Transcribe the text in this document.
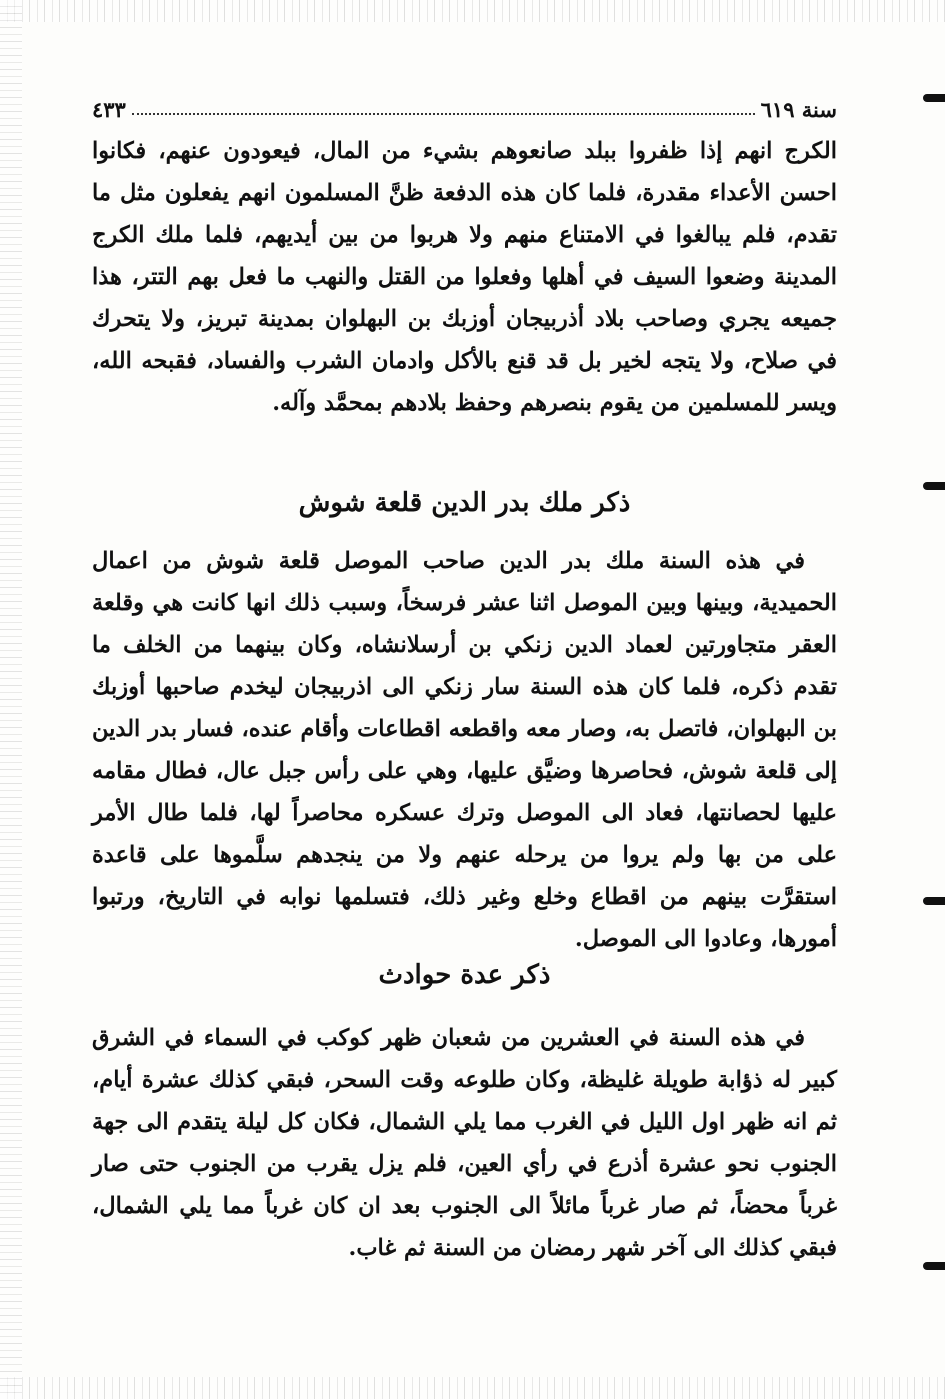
سنة ٦١٩
٤٣٣

الكرج انهم إذا ظفروا ببلد صانعوهم بشيء من المال، فيعودون عنهم، فكانوا احسن الأعداء مقدرة، فلما كان هذه الدفعة ظنَّ المسلمون انهم يفعلون مثل ما تقدم، فلم يبالغوا في الامتناع منهم ولا هربوا من بين أيديهم، فلما ملك الكرج المدينة وضعوا السيف في أهلها وفعلوا من القتل والنهب ما فعل بهم التتر، هذا جميعه يجري وصاحب بلاد أذربيجان أوزبك بن البهلوان بمدينة تبريز، ولا يتحرك في صلاح، ولا يتجه لخير بل قد قنع بالأكل وادمان الشرب والفساد، فقبحه الله، ويسر للمسلمين من يقوم بنصرهم وحفظ بلادهم بمحمَّد وآله.

ذكر ملك بدر الدين قلعة شوش

في هذه السنة ملك بدر الدين صاحب الموصل قلعة شوش من اعمال الحميدية، وبينها وبين الموصل اثنا عشر فرسخاً، وسبب ذلك انها كانت هي وقلعة العقر متجاورتين لعماد الدين زنكي بن أرسلانشاه، وكان بينهما من الخلف ما تقدم ذكره، فلما كان هذه السنة سار زنكي الى اذربيجان ليخدم صاحبها أوزبك بن البهلوان، فاتصل به، وصار معه واقطعه اقطاعات وأقام عنده، فسار بدر الدين إلى قلعة شوش، فحاصرها وضيَّق عليها، وهي على رأس جبل عال، فطال مقامه عليها لحصانتها، فعاد الى الموصل وترك عسكره محاصراً لها، فلما طال الأمر على من بها ولم يروا من يرحله عنهم ولا من ينجدهم سلَّموها على قاعدة استقرَّت بينهم من اقطاع وخلع وغير ذلك، فتسلمها نوابه في التاريخ، ورتبوا أمورها، وعادوا الى الموصل.

ذكر عدة حوادث

في هذه السنة في العشرين من شعبان ظهر كوكب في السماء في الشرق كبير له ذؤابة طويلة غليظة، وكان طلوعه وقت السحر، فبقي كذلك عشرة أيام، ثم انه ظهر اول الليل في الغرب مما يلي الشمال، فكان كل ليلة يتقدم الى جهة الجنوب نحو عشرة أذرع في رأي العين، فلم يزل يقرب من الجنوب حتى صار غرباً محضاً، ثم صار غرباً مائلاً الى الجنوب بعد ان كان غرباً مما يلي الشمال، فبقي كذلك الى آخر شهر رمضان من السنة ثم غاب.
